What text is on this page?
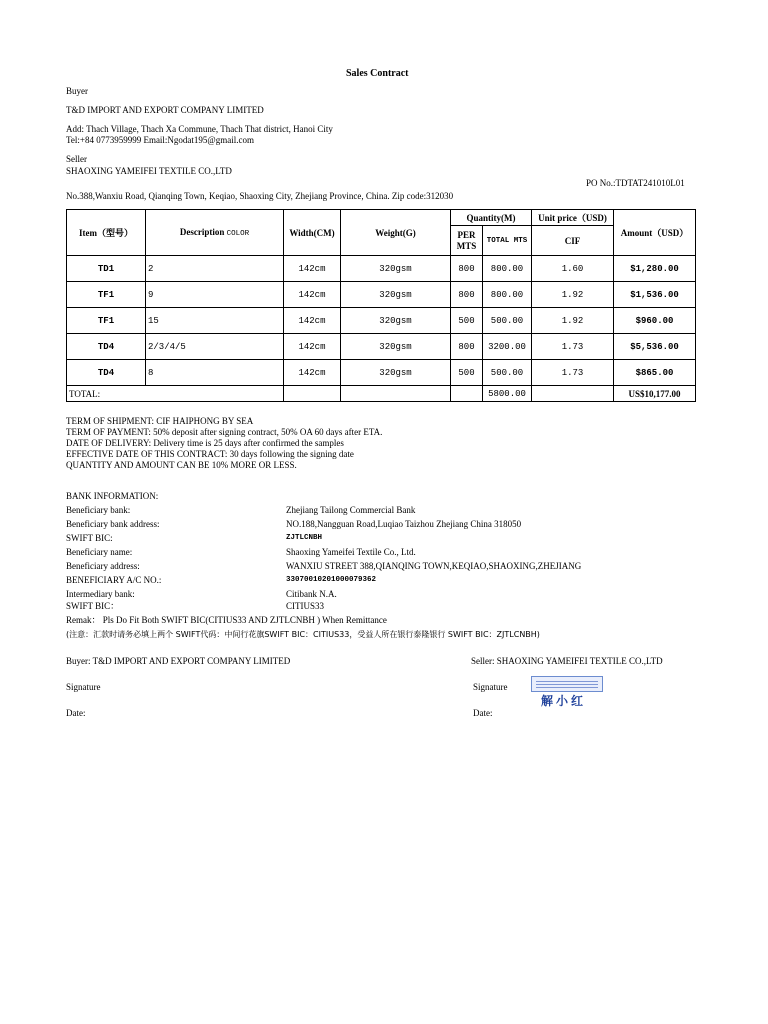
Sales Contract
Buyer
T&D IMPORT AND EXPORT COMPANY LIMITED
Add: Thach Village, Thach Xa Commune, Thach That district, Hanoi City
Tel:+84 0773959999 Email:Ngodat195@gmail.com
Seller
SHAOXING YAMEIFEI TEXTILE CO.,LTD
PO No.:TDTAT241010L01
No.388,Wanxiu Road, Qianqing Town, Keqiao, Shaoxing City, Zhejiang Province, China. Zip code:312030
Item（型号）	Description COLOR	Width(CM)	Weight(G)	Quantity(M)		Unit price（USD)	Amount（USD）
				PER MTS	TOTAL MTS	CIF	
TD1	2	142cm	320gsm	800	800.00	1.60	$1,280.00
TF1	9	142cm	320gsm	800	800.00	1.92	$1,536.00
TF1	15	142cm	320gsm	500	500.00	1.92	$960.00
TD4	2/3/4/5	142cm	320gsm	800	3200.00	1.73	$5,536.00
TD4	8	142cm	320gsm	500	500.00	1.73	$865.00
TOTAL:					5800.00		US$10,177.00
TERM OF SHIPMENT: CIF HAIPHONG BY SEA
TERM OF PAYMENT: 50% deposit after signing contract, 50% OA 60 days after ETA.
DATE OF DELIVERY: Delivery time is 25 days after confirmed the samples
EFFECTIVE DATE OF THIS CONTRACT: 30 days following the signing date
QUANTITY AND AMOUNT CAN BE 10% MORE OR LESS.
BANK INFORMATION:
Beneficiary bank:	Zhejiang Tailong Commercial Bank
Beneficiary bank address:	NO.188,Nangguan Road,Luqiao Taizhou Zhejiang China 318050
SWIFT BIC:	ZJTLCNBH
Beneficiary name:	Shaoxing Yameifei Textile Co., Ltd.
Beneficiary address:	WANXIU STREET 388,QIANQING TOWN,KEQIAO,SHAOXING,ZHEJIANG
BENEFICIARY A/C NO.:	33070010201000079362
Intermediary bank:	Citibank N.A.
SWIFT BIC：	CITIUS33
Remak： Pls Do Fit Both SWIFT BIC(CITIUS33 AND ZJTLCNBH ) When Remittance
(注意：汇款时请务必填上两个 SWIFT代码：中间行花旗SWIFT BIC：CITIUS33，受益人所在银行泰隆银行 SWIFT BIC：ZJTLCNBH)
Buyer: T&D IMPORT AND EXPORT COMPANY LIMITED	Seller: SHAOXING YAMEIFEI TEXTILE CO.,LTD
Signature	Signature
解小红
Date:	Date:
